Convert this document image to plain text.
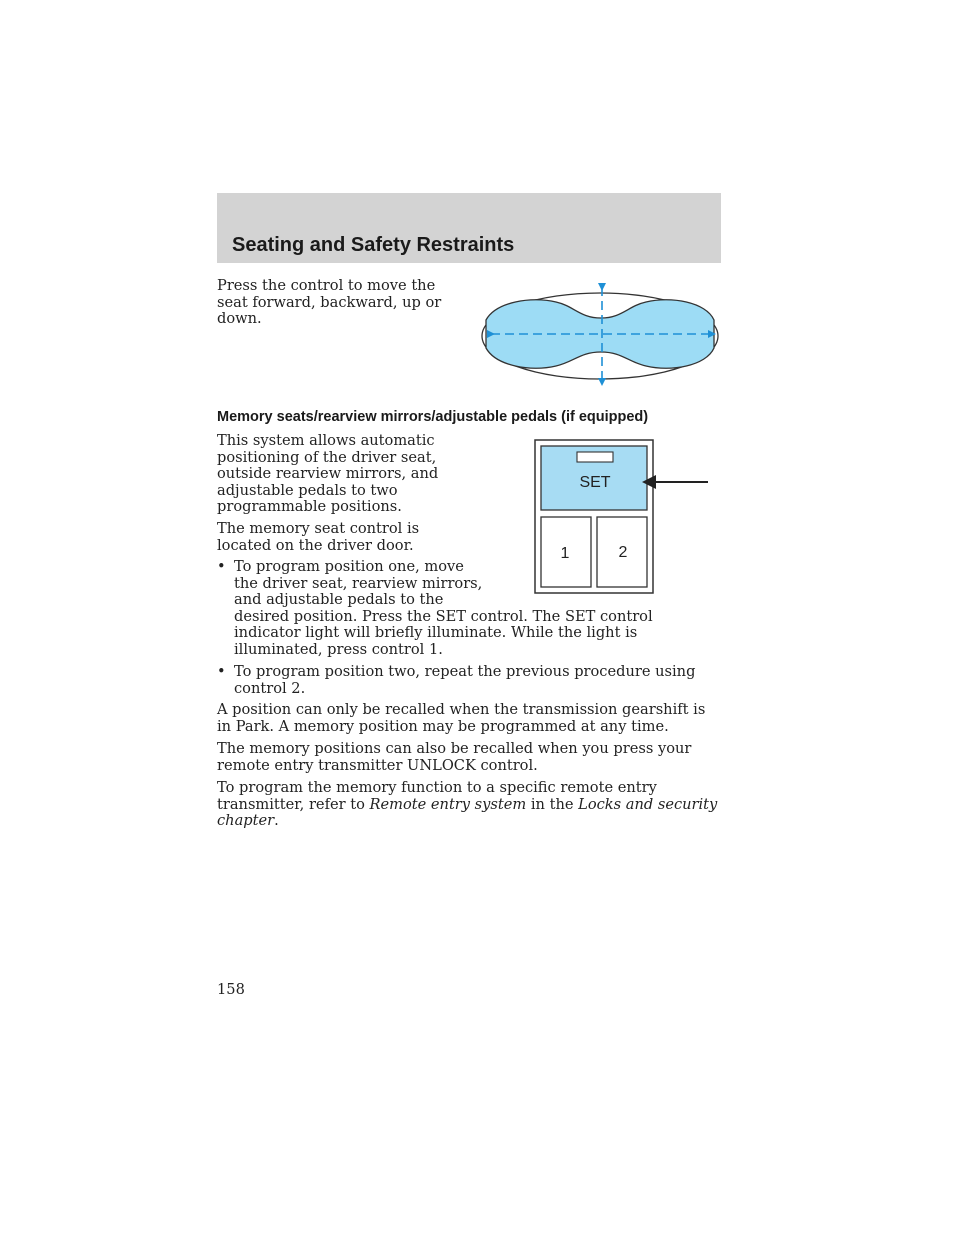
Seating and Safety Restraints

Press the control to move the seat forward, backward, up or down.

Memory seats/rearview mirrors/adjustable pedals (if equipped)

This system allows automatic positioning of the driver seat, outside rearview mirrors, and adjustable pedals to two programmable positions.

The memory seat control is located on the driver door.

• To program position one, move
the driver seat, rearview mirrors,
and adjustable pedals to the
desired position. Press the SET control. The SET control indicator light will briefly illuminate. While the light is illuminated, press control 1.
• To program position two, repeat the previous procedure using control 2.
SET
1	2

A position can only be recalled when the transmission gearshift is in Park. A memory position may be programmed at any time.

The memory positions can also be recalled when you press your remote entry transmitter UNLOCK control.

To program the memory function to a specific remote entry transmitter, refer to Remote entry system in the Locks and security chapter.

158
